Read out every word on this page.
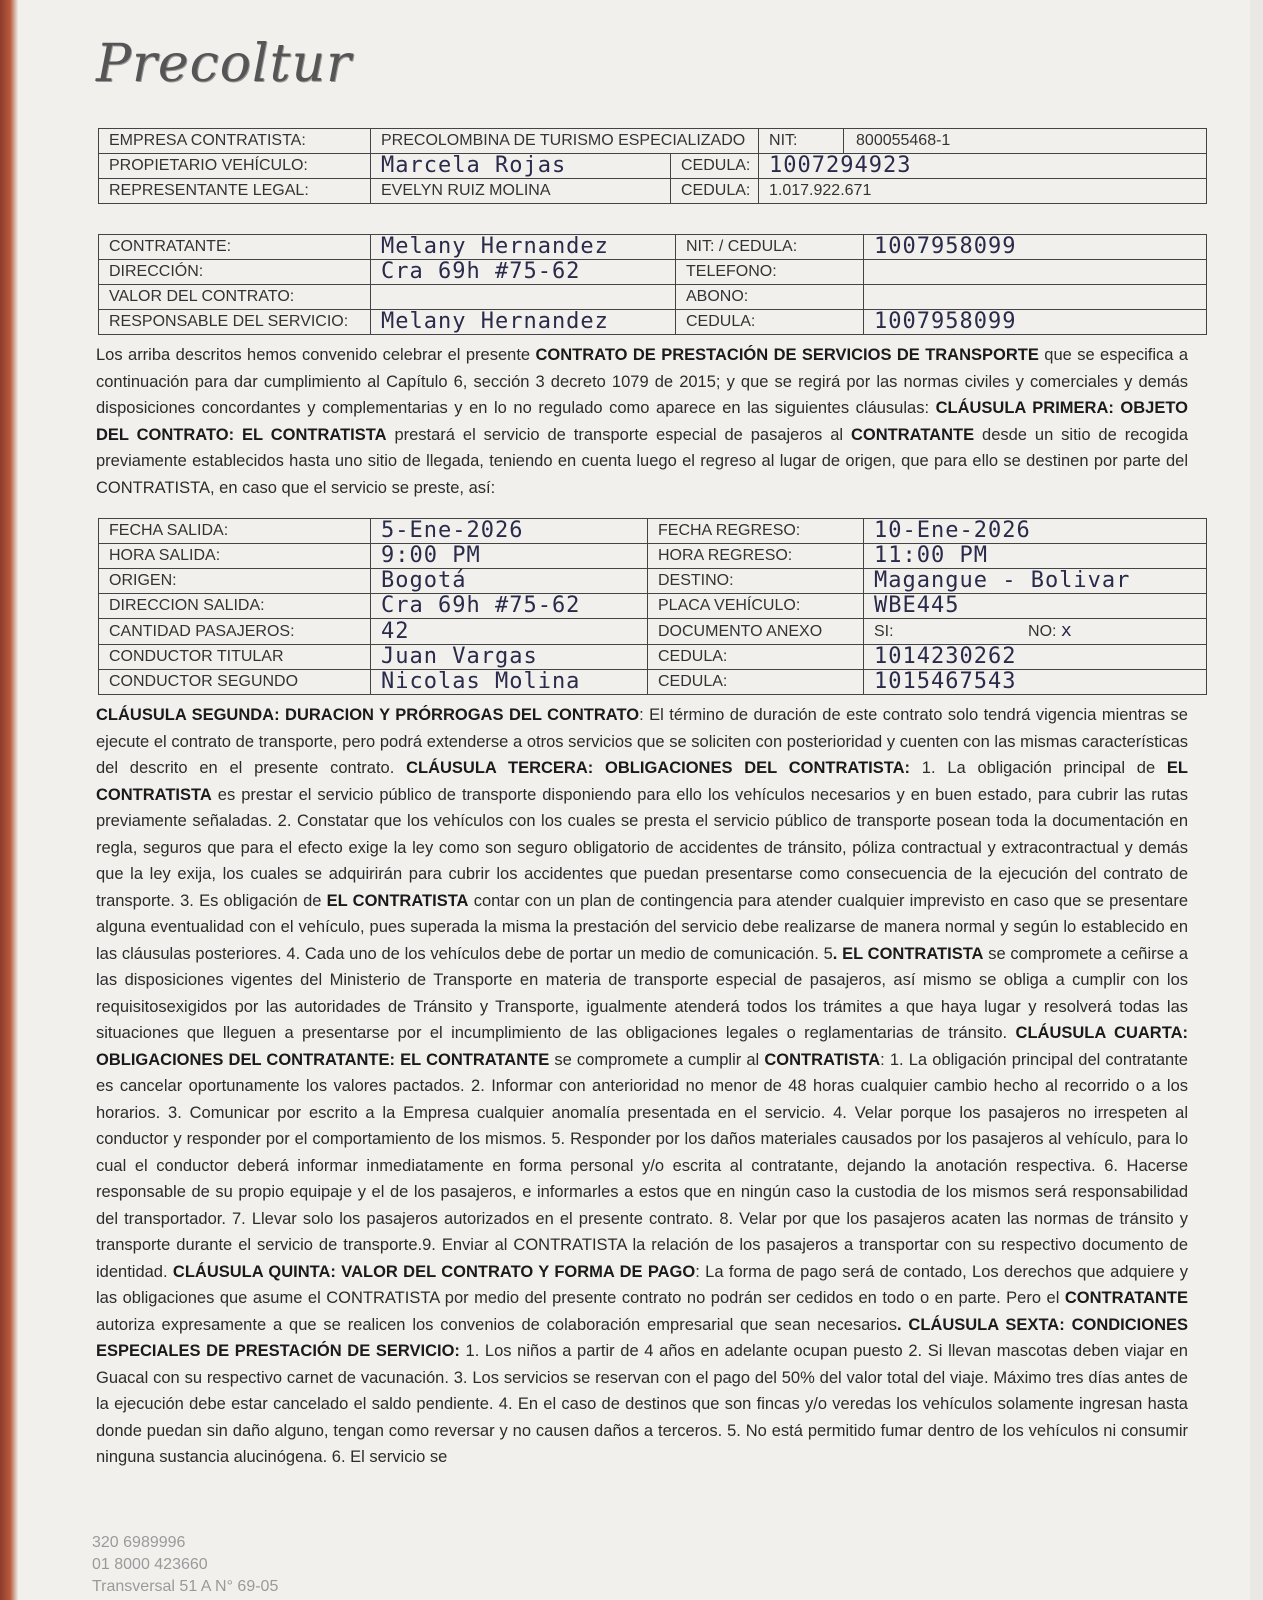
Precoltur
EMPRESA CONTRATISTA:	PRECOLOMBINA DE TURISMO ESPECIALIZADO		NIT: 800055468-1
PROPIETARIO VEHÍCULO:	Marcela Rojas	CEDULA:	1007294923
REPRESENTANTE LEGAL:	EVELYN RUIZ MOLINA	CEDULA:	1.017.922.671
CONTRATANTE:	Melany Hernandez	NIT: / CEDULA:	1007958099
DIRECCIÓN:	Cra 69h #75-62	TELEFONO:	
VALOR DEL CONTRATO:		ABONO:	
RESPONSABLE DEL SERVICIO:	Melany Hernandez	CEDULA:	1007958099
Los arriba descritos hemos convenido celebrar el presente CONTRATO DE PRESTACIÓN DE SERVICIOS DE TRANSPORTE que se especifica a continuación para dar cumplimiento al Capítulo 6, sección 3 decreto 1079 de 2015; y que se regirá por las normas civiles y comerciales y demás disposiciones concordantes y complementarias y en lo no regulado como aparece en las siguientes cláusulas: CLÁUSULA PRIMERA: OBJETO DEL CONTRATO: EL CONTRATISTA prestará el servicio de transporte especial de pasajeros al CONTRATANTE desde un sitio de recogida previamente establecidos hasta uno sitio de llegada, teniendo en cuenta luego el regreso al lugar de origen, que para ello se destinen por parte del CONTRATISTA, en caso que el servicio se preste, así:
FECHA SALIDA:	5-Ene-2026	FECHA REGRESO:	10-Ene-2026
HORA SALIDA:	9:00 PM	HORA REGRESO:	11:00 PM
ORIGEN:	Bogotá	DESTINO:	Magangue - Bolivar
DIRECCION SALIDA:	Cra 69h #75-62	PLACA VEHÍCULO:	WBE445
CANTIDAD PASAJEROS:	42	DOCUMENTO ANEXO	SI: NO: x
CONDUCTOR TITULAR	Juan Vargas	CEDULA:	1014230262
CONDUCTOR SEGUNDO	Nicolas Molina	CEDULA:	1015467543
CLÁUSULA SEGUNDA: DURACION Y PRÓRROGAS DEL CONTRATO: El término de duración de este contrato solo tendrá vigencia mientras se ejecute el contrato de transporte, pero podrá extenderse a otros servicios que se soliciten con posterioridad y cuenten con las mismas características del descrito en el presente contrato. CLÁUSULA TERCERA: OBLIGACIONES DEL CONTRATISTA: 1. La obligación principal de EL CONTRATISTA es prestar el servicio público de transporte disponiendo para ello los vehículos necesarios y en buen estado, para cubrir las rutas previamente señaladas. 2. Constatar que los vehículos con los cuales se presta el servicio público de transporte posean toda la documentación en regla, seguros que para el efecto exige la ley como son seguro obligatorio de accidentes de tránsito, póliza contractual y extracontractual y demás que la ley exija, los cuales se adquirirán para cubrir los accidentes que puedan presentarse como consecuencia de la ejecución del contrato de transporte. 3. Es obligación de EL CONTRATISTA contar con un plan de contingencia para atender cualquier imprevisto en caso que se presentare alguna eventualidad con el vehículo, pues superada la misma la prestación del servicio debe realizarse de manera normal y según lo establecido en las cláusulas posteriores. 4. Cada uno de los vehículos debe de portar un medio de comunicación. 5. EL CONTRATISTA se compromete a ceñirse a las disposiciones vigentes del Ministerio de Transporte en materia de transporte especial de pasajeros, así mismo se obliga a cumplir con los requisitosexigidos por las autoridades de Tránsito y Transporte, igualmente atenderá todos los trámites a que haya lugar y resolverá todas las situaciones que lleguen a presentarse por el incumplimiento de las obligaciones legales o reglamentarias de tránsito. CLÁUSULA CUARTA: OBLIGACIONES DEL CONTRATANTE: EL CONTRATANTE se compromete a cumplir al CONTRATISTA: 1. La obligación principal del contratante es cancelar oportunamente los valores pactados. 2. Informar con anterioridad no menor de 48 horas cualquier cambio hecho al recorrido o a los horarios. 3. Comunicar por escrito a la Empresa cualquier anomalía presentada en el servicio. 4. Velar porque los pasajeros no irrespeten al conductor y responder por el comportamiento de los mismos. 5. Responder por los daños materiales causados por los pasajeros al vehículo, para lo cual el conductor deberá informar inmediatamente en forma personal y/o escrita al contratante, dejando la anotación respectiva. 6. Hacerse responsable de su propio equipaje y el de los pasajeros, e informarles a estos que en ningún caso la custodia de los mismos será responsabilidad del transportador. 7. Llevar solo los pasajeros autorizados en el presente contrato. 8. Velar por que los pasajeros acaten las normas de tránsito y transporte durante el servicio de transporte.9. Enviar al CONTRATISTA la relación de los pasajeros a transportar con su respectivo documento de identidad. CLÁUSULA QUINTA: VALOR DEL CONTRATO Y FORMA DE PAGO: La forma de pago será de contado, Los derechos que adquiere y las obligaciones que asume el CONTRATISTA por medio del presente contrato no podrán ser cedidos en todo o en parte. Pero el CONTRATANTE autoriza expresamente a que se realicen los convenios de colaboración empresarial que sean necesarios. CLÁUSULA SEXTA: CONDICIONES ESPECIALES DE PRESTACIÓN DE SERVICIO: 1. Los niños a partir de 4 años en adelante ocupan puesto 2. Si llevan mascotas deben viajar en Guacal con su respectivo carnet de vacunación. 3. Los servicios se reservan con el pago del 50% del valor total del viaje. Máximo tres días antes de la ejecución debe estar cancelado el saldo pendiente. 4. En el caso de destinos que son fincas y/o veredas los vehículos solamente ingresan hasta donde puedan sin daño alguno, tengan como reversar y no causen daños a terceros. 5. No está permitido fumar dentro de los vehículos ni consumir ninguna sustancia alucinógena. 6. El servicio se
320 6989996
01 8000 423660
Transversal 51 A N° 69-05
